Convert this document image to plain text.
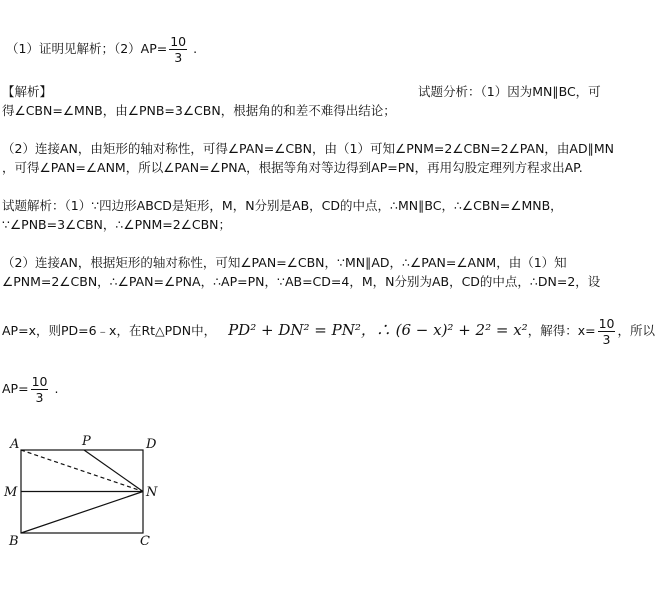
（1）证明见解析；$(2)AP= \frac{10}{3}$ .
【解析】	试题分析：（1）因为MN∥BC，可
得∠CBN=∠MNB，由∠PNB=3∠CBN，根据角的和差不难得出结论；
（2）连接AN，由矩形的轴对称性，可得∠PAN=∠CBN，由（1）可知∠PNM=2∠CBN=2∠PAN，由AD∥MN
，可得∠PAN=∠ANM，所以∠PAN=∠PNA，根据等角对等边得到AP=PN，再用勾股定理列方程求出AP.
试题解析：（1）∵四边形ABCD是矩形，M，N分别是AB，CD的中点，∴MN∥BC，∴∠CBN=∠MNB，
∵∠PNB=3∠CBN，∴∠PNM=2∠CBN；
（2）连接AN，根据矩形的轴对称性，可知∠PAN=∠CBN，∵MN∥AD，∴∠PAN=∠ANM，由（1）知
∠PNM=2∠CBN，∴∠PAN=∠PNA，∴AP=PN，∵AB=CD=4，M，N分别为AB，CD的中点，∴DN=2，设
AP=x，则PD=6﹣x，在Rt△PDN中， PD² + DN² = PN²，∴ (6 − x)² + 2² = x²，解得：$x= \frac{10}{3}$ ，所以
$AP= \frac{10}{3}$ .
A	P	D
M	N
B	C
